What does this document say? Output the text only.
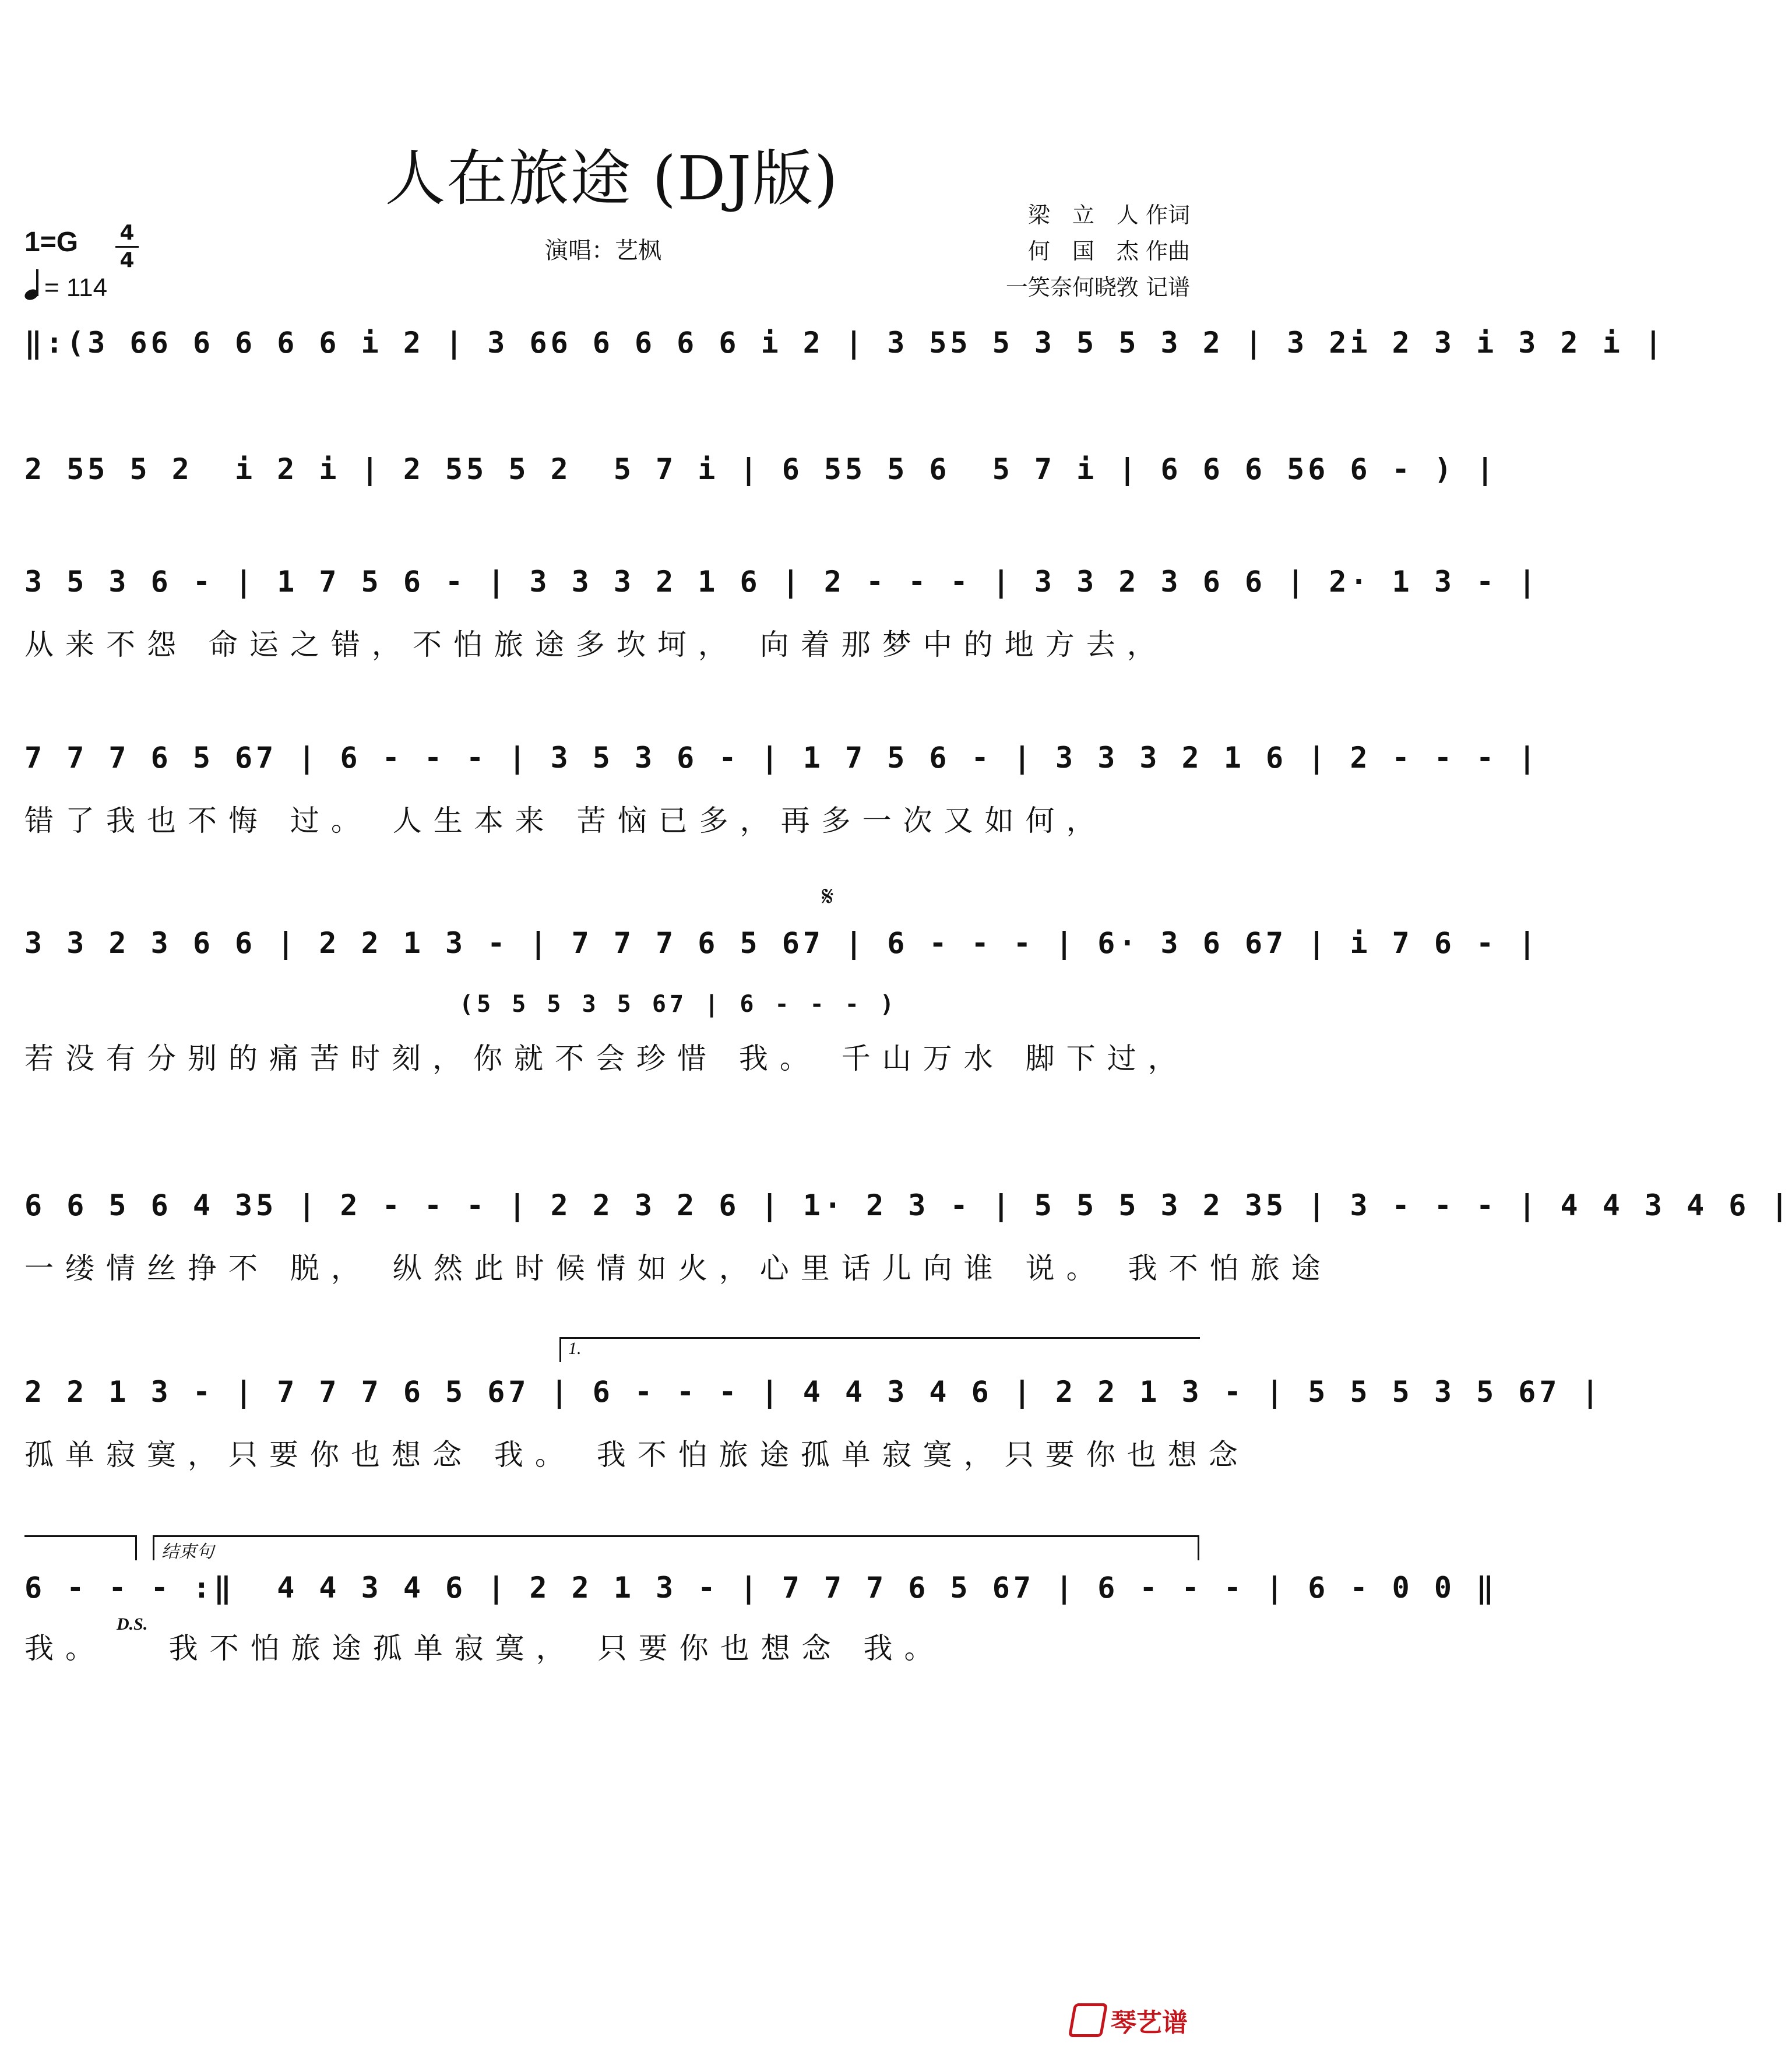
人在旅途 (DJ版)
1=G 4
4
= 114
演唱：艺枫
梁　立　人 作词
何　国　杰 作曲
一笑奈何晓敩 记谱
‖:(3 66 6 6 6 6 i 2 | 3 66 6 6 6 6 i 2 | 3 55 5 3 5 5 3 2 | 3 2i 2 3 i 3 2 i |
2 55 5 2  i 2 i | 2 55 5 2  5 7 i | 6 55 5 6  5 7 i | 6 6 6 56 6 - ) |
3 5 3 6 - | 1 7 5 6 - | 3 3 3 2 1 6 | 2 - - - | 3 3 2 3 6 6 | 2· 1 3 - |
从来不怨 命运之错，不怕旅途多坎坷， 向着那梦中的地方去，
7 7 7 6 5 67 | 6 - - - | 3 5 3 6 - | 1 7 5 6 - | 3 3 3 2 1 6 | 2 - - - |
错了我也不悔 过。 人生本来 苦恼已多，再多一次又如何，
𝄋
3 3 2 3 6 6 | 2 2 1 3 - | 7 7 7 6 5 67 | 6 - - - | 6· 3 6 67 | i 7 6 - |
若没有分别的痛苦时刻，你就不会珍惜 我。 千山万水 脚下过，
(5 5 5 3 5 67 | 6 - - - )
6 6 5 6 4 35 | 2 - - - | 2 2 3 2 6 | 1· 2 3 - | 5 5 5 3 2 35 | 3 - - - | 4 4 3 4 6 |
一缕情丝挣不 脱， 纵然此时候情如火，心里话儿向谁 说。 我不怕旅途
1.
2 2 1 3 - | 7 7 7 6 5 67 | 6 - - - | 4 4 3 4 6 | 2 2 1 3 - | 5 5 5 3 5 67 |
孤单寂寞，只要你也想念 我。 我不怕旅途孤单寂寞，只要你也想念
结束句
6 - - - :‖  4 4 3 4 6 | 2 2 1 3 - | 7 7 7 6 5 67 | 6 - - - | 6 - 0 0 ‖
我。   我不怕旅途孤单寂寞， 只要你也想念 我。
D.S.
琴艺谱
